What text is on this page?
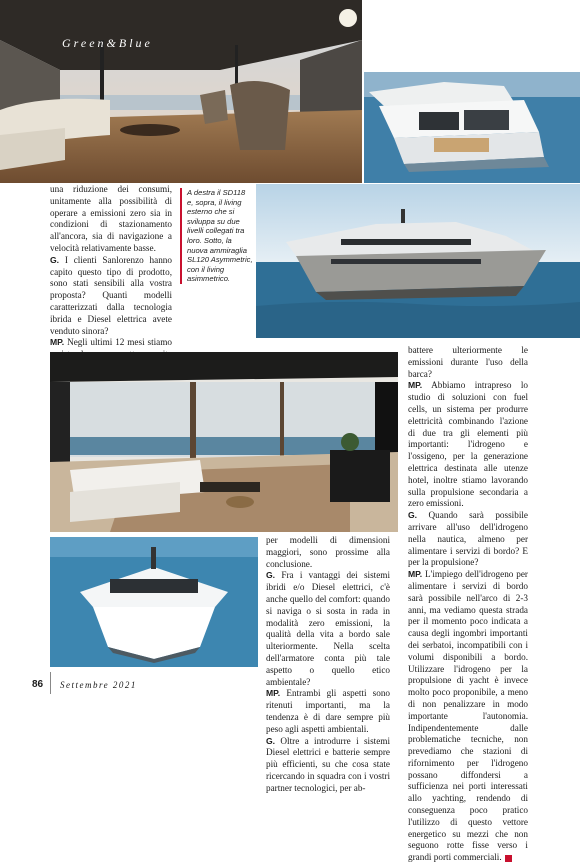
Green&Blue
A destra il SD118 e, sopra, il living esterno che si sviluppa su due livelli collegati tra loro. Sotto, la nuova ammiraglia SL120 Asymmetric, con il living asimmetrico.

una riduzione dei consumi, unitamente alla possibilità di operare a emissioni zero sia in condizioni di stazionamento all'ancora, sia di navigazione a velocità relativamente basse.

G. I clienti Sanlorenzo hanno capito questo tipo di prodotto, sono stati sensibili alla vostra proposta? Quanti modelli caratterizzati dalla tecnologia ibrida e Diesel elettrica avete venduto sinora?

MP. Negli ultimi 12 mesi stiamo

per modelli di dimensioni maggiori, sono prossime alla conclusione.

G. Fra i vantaggi dei sistemi ibridi e/o Diesel elettrici, c'è anche quello del comfort: quando si naviga o si sosta in rada in modalità zero emissioni, la qualità della vita a bordo sale ulteriormente. Nella scelta dell'armatore conta più tale aspetto o quello etico ambientale?

MP. Entrambi gli aspetti sono ritenuti importanti, ma la tendenza è di dare sempre più peso agli aspetti ambientali.

G. Oltre a introdurre i sistemi Diesel elettrici e batterie sempre più efficienti, su che cosa state ricercando in squadra con i vostri partner tecnologici, per ab-

battere ulteriormente le emissioni durante l'uso della barca?

MP. Abbiamo intrapreso lo studio di soluzioni con fuel cells, un sistema per produrre elettricità combinando l'azione di due tra gli elementi più importanti: l'idrogeno e l'ossigeno, per la generazione elettrica destinata alle utenze hotel, inoltre stiamo lavorando sulla propulsione secondaria a zero emissioni.

G. Quando sarà possibile arrivare all'uso dell'idrogeno nella nautica, almeno per alimentare i servizi di bordo? E per la propulsione?

MP. L'impiego dell'idrogeno per alimentare i servizi di bordo sarà possibile nell'arco di 2-3 anni, ma vediamo questa strada per il momento poco indicata a causa degli ingombri importanti dei serbatoi, incompatibili con i volumi disponibili a bordo. Utilizzare l'idrogeno per la propulsione di yacht è invece molto poco proponibile, a meno di non penalizzare in modo importante l'autonomia. Indipendentemente dalle problematiche tecniche, non prevediamo che stazioni di rifornimento per l'idrogeno possano diffondersi a sufficienza nei porti interessati allo yachting, rendendo di conseguenza poco pratico l'utilizzo di questo vettore energetico su mezzi che non seguono rotte fisse verso i grandi porti commerciali.

86 Settembre 2021
